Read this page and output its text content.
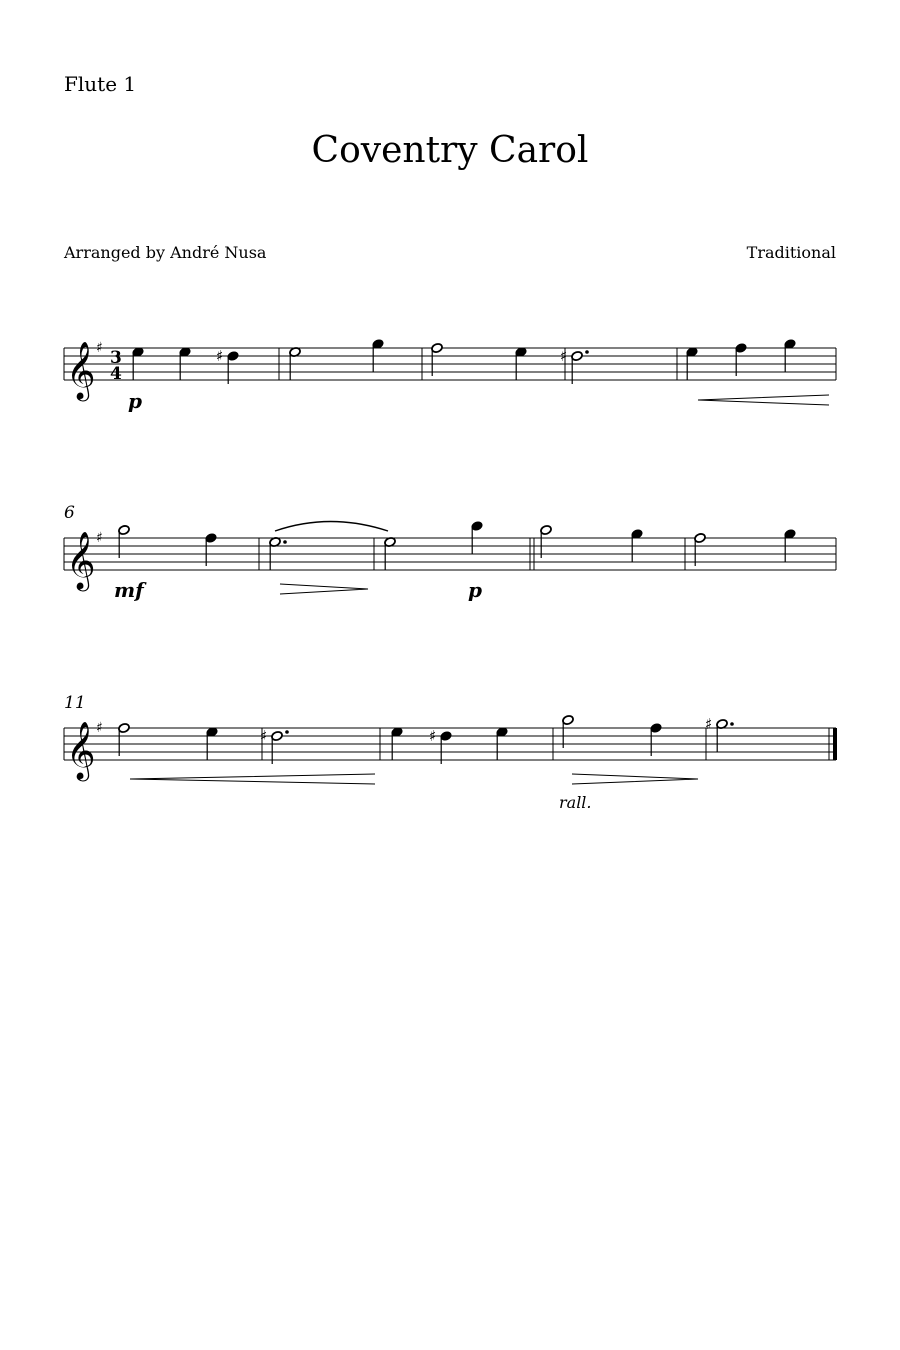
Flute 1
Coventry Carol
Arranged by André Nusa	Traditional
𝄞 ♯ 3
4
♯	♯
𝄞 ♯
6
𝄞 ♯
11
♯	♯
♯
p
mf	p
rall.
